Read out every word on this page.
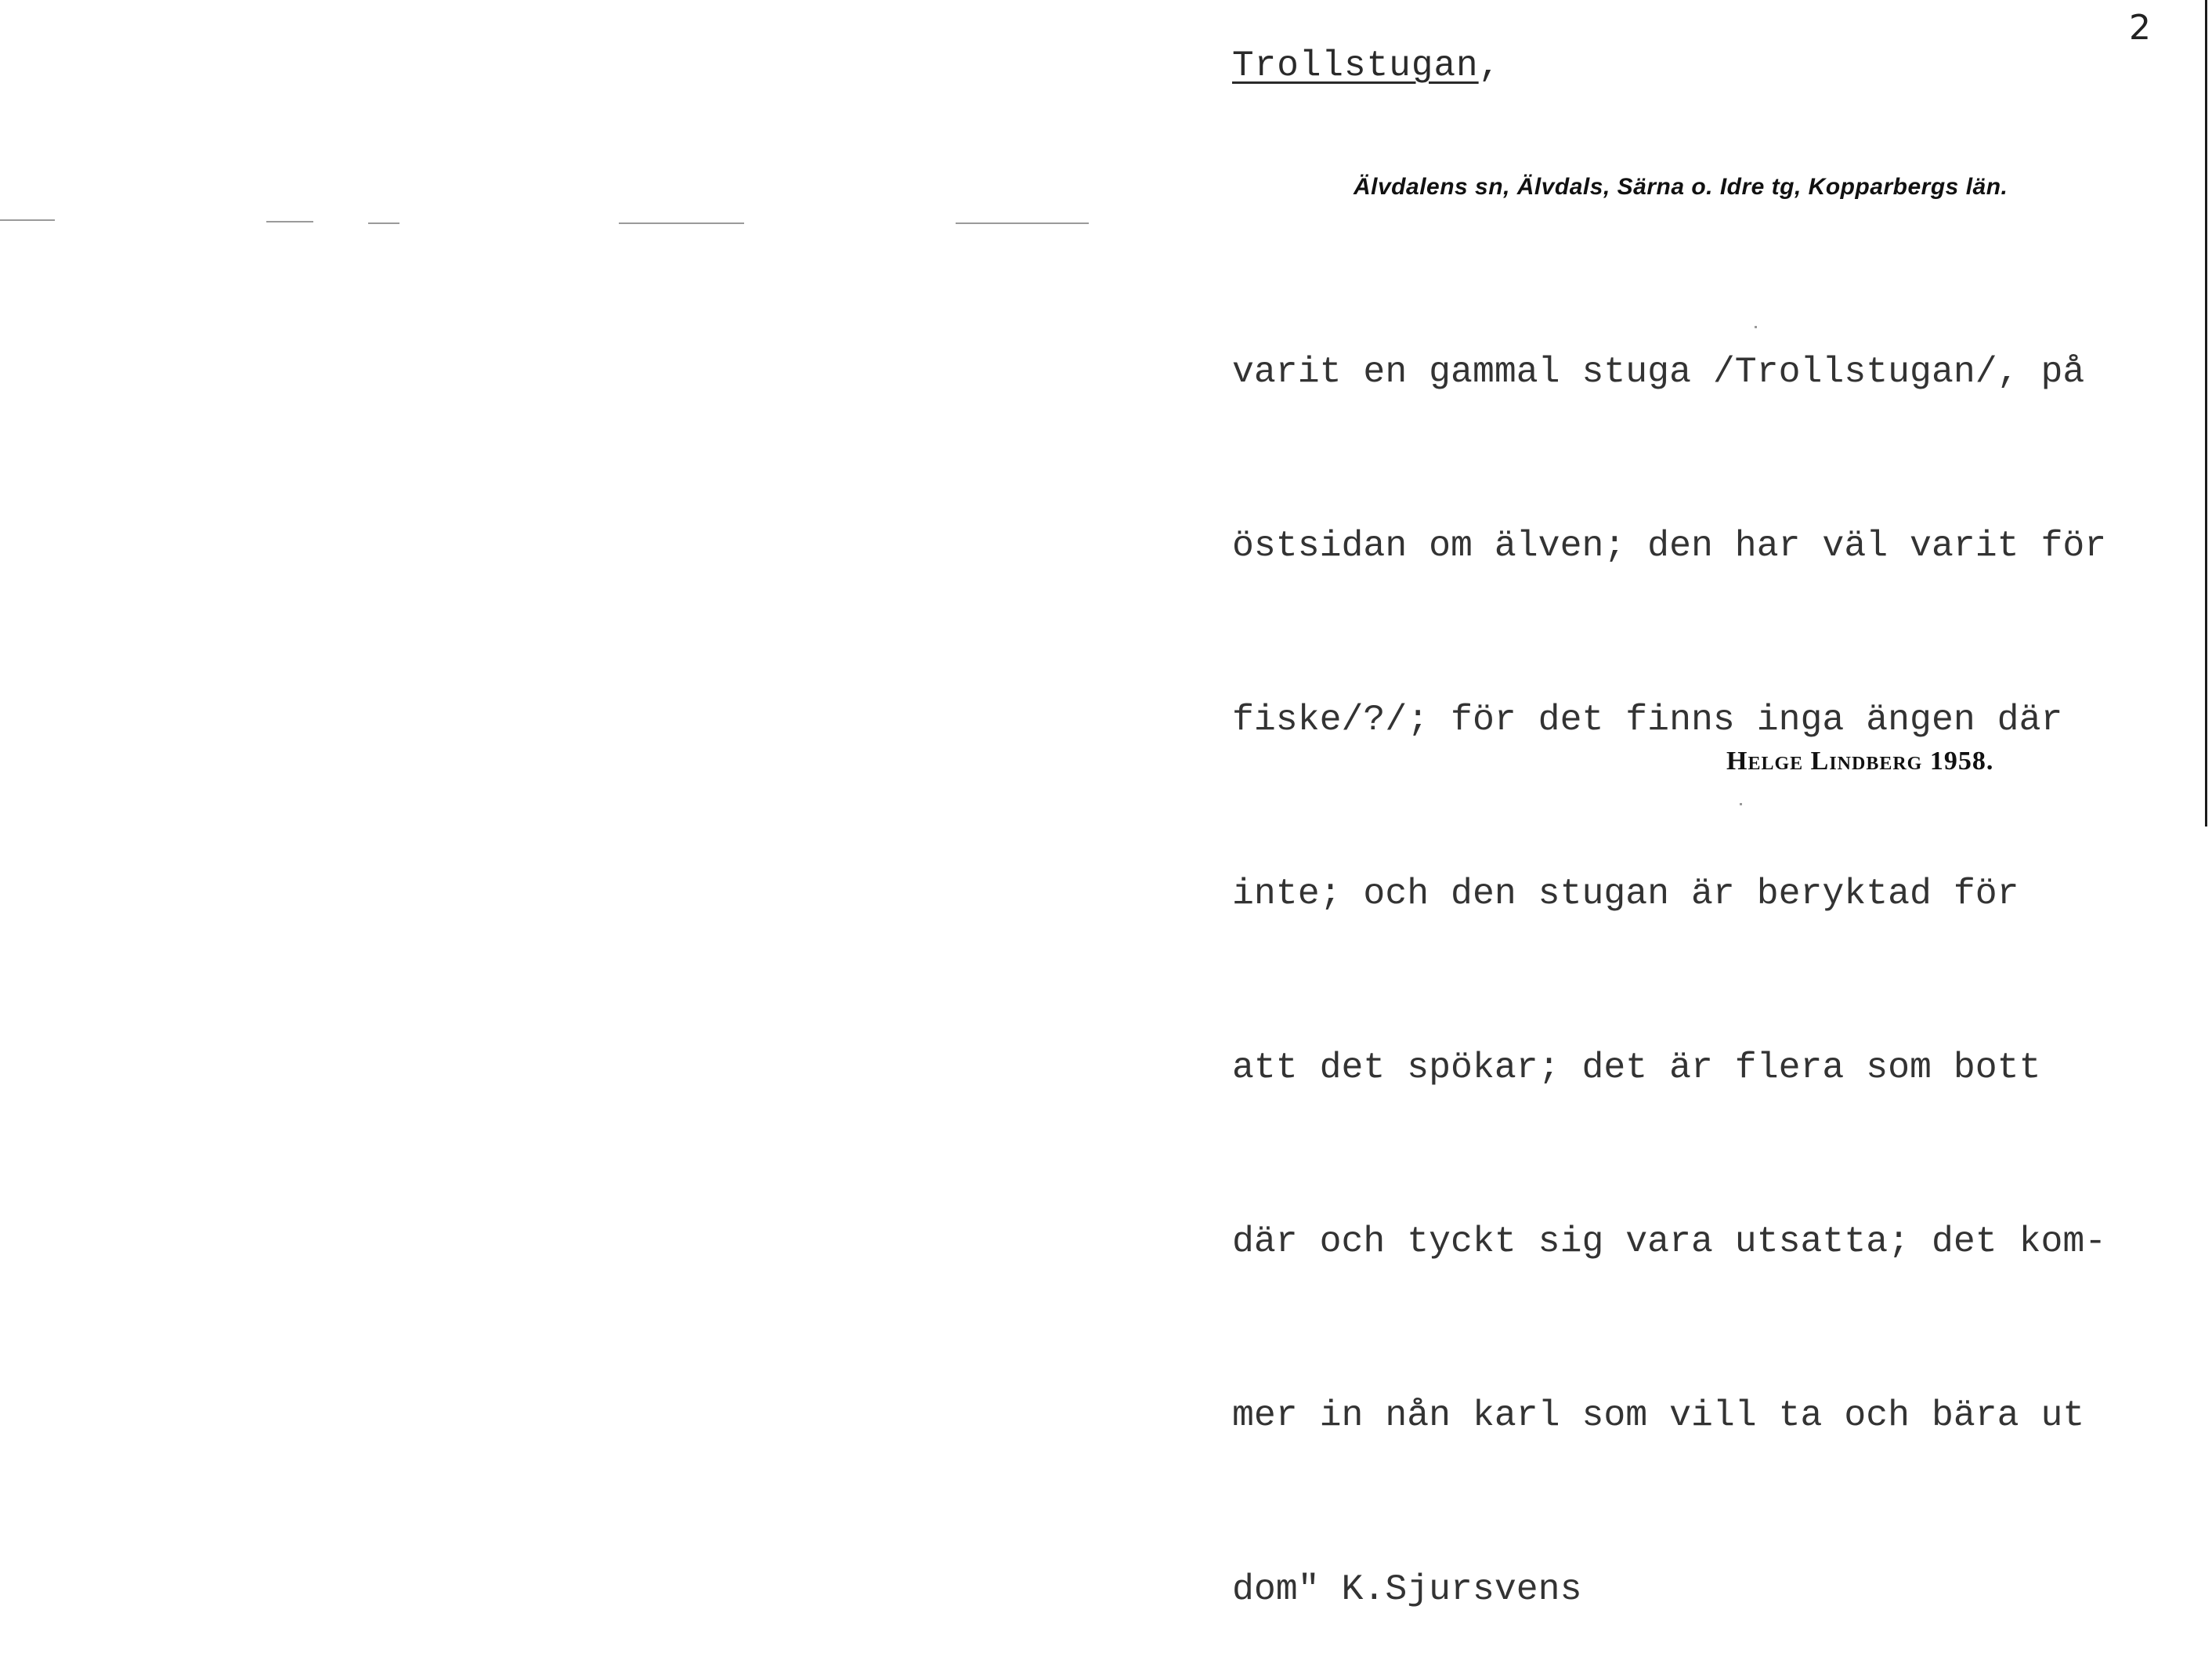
2
Trollstugan,
Älvdalens sn, Älvdals, Särna o. Idre tg, Kopparbergs län.

varit en gammal stuga /Trollstugan/, på

östsidan om älven; den har väl varit för

fiske/?/; för det finns inga ängen där

inte; och den stugan är beryktad för

att det spökar; det är flera som bott

där och tyckt sig vara utsatta; det kom-

mer in nån karl som vill ta och bära ut

dom" K.Sjursvens

Helge Lindberg 1958.
